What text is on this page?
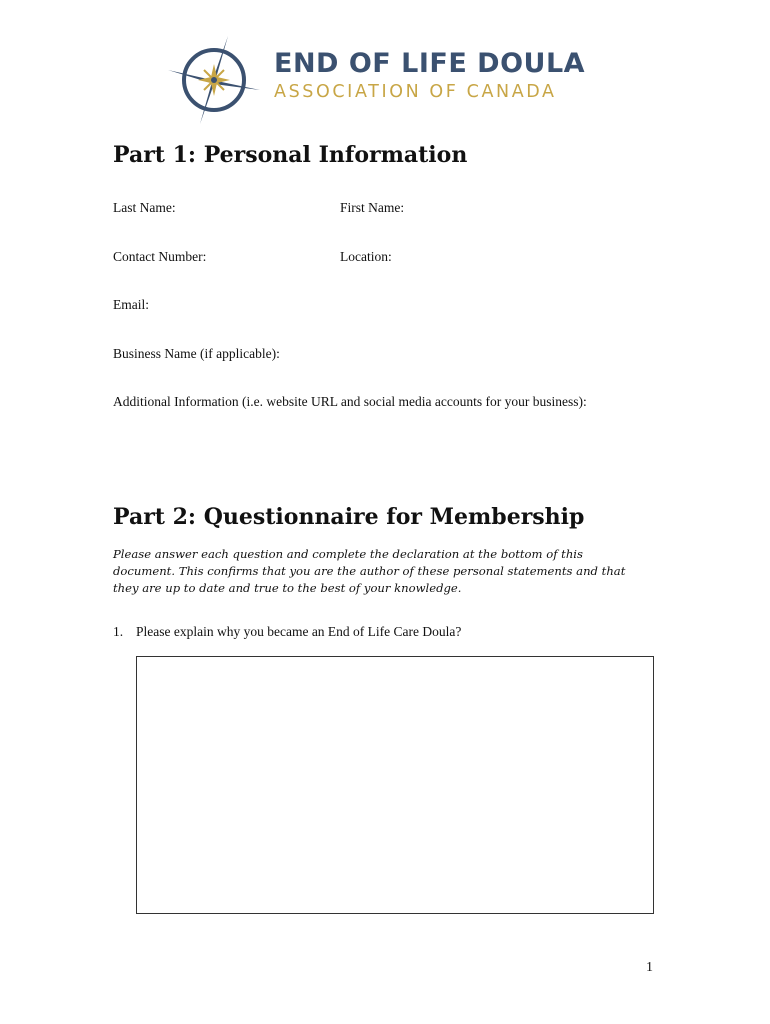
END OF LIFE DOULA
ASSOCIATION OF CANADA
Part 1: Personal Information
Last Name:	First Name:
Contact Number:	Location:
Email:
Business Name (if applicable):
Additional Information (i.e. website URL and social media accounts for your business):
Part 2: Questionnaire for Membership
Please answer each question and complete the declaration at the bottom of this
document. This confirms that you are the author of these personal statements and that
they are up to date and true to the best of your knowledge.
1. Please explain why you became an End of Life Care Doula?
1
